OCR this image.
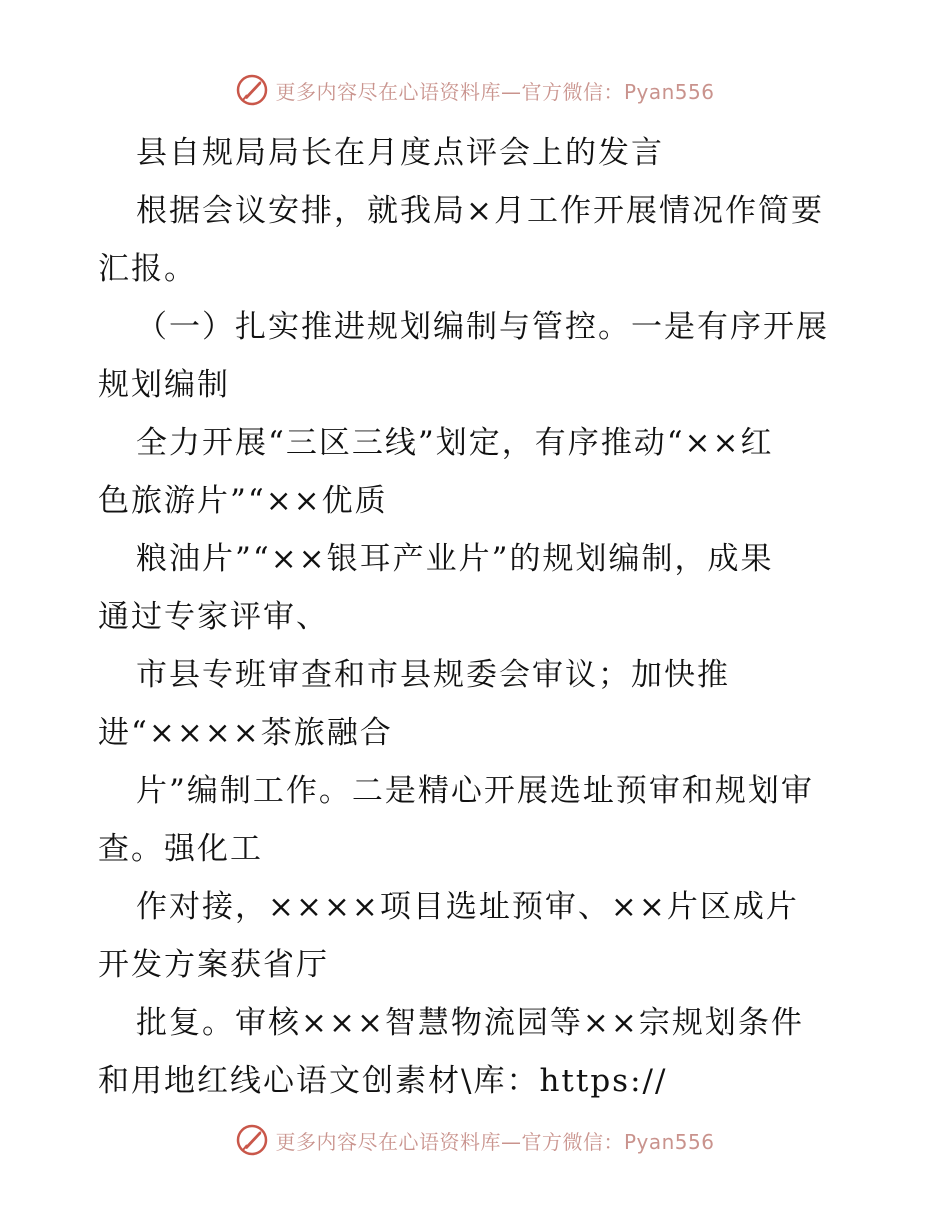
更多内容尽在心语资料库—官方微信：Pyan556
县自规局局长在月度点评会上的发言
根据会议安排，就我局×月工作开展情况作简要
汇报。
（一）扎实推进规划编制与管控。一是有序开展
规划编制
全力开展“三区三线”划定，有序推动“××红
色旅游片”“××优质
粮油片”“××银耳产业片”的规划编制，成果
通过专家评审、
市县专班审查和市县规委会审议；加快推
进“××××茶旅融合
片”编制工作。二是精心开展选址预审和规划审
查。强化工
作对接，××××项目选址预审、××片区成片
开发方案获省厅
批复。审核×××智慧物流园等××宗规划条件
和用地红线心语文创素材\库：https://
更多内容尽在心语资料库—官方微信：Pyan556
